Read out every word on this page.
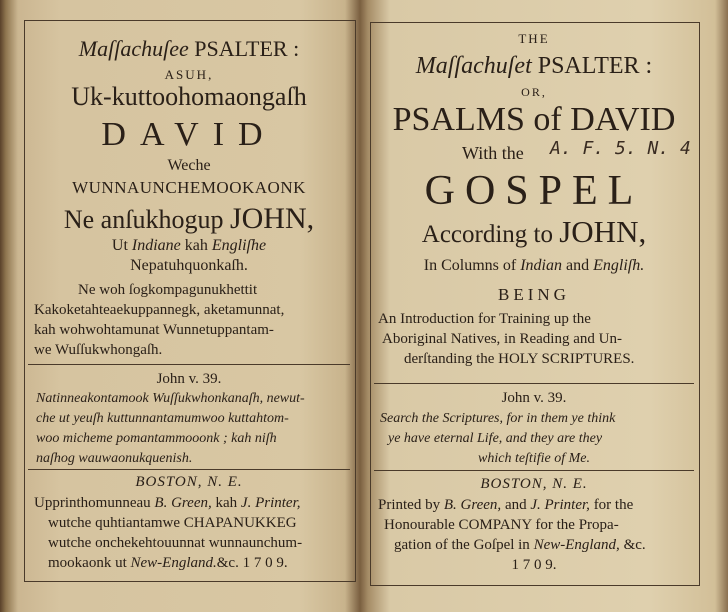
Maſſachuſee PSALTER :
ASUH,
Uk-kuttoohomaongaſh
DAVID
Weche
WUNNAUNCHEMOOKAONK
Ne anſukhogup JOHN,
Ut Indiane kah Engliſhe
Nepatuhquonkaſh.
Ne woh ſogkompagunukhettit
Kakoketahteaekuppannegk, aketamunnat,
kah wohwohtamunat Wunnetuppantam-
we Wuſſukwhongaſh.
John v. 39.
Natinneakontamook Wuſſukwhonkanaſh, newut-
che ut yeuſh kuttunnantamumwoo kuttahtom-
woo micheme pomantammooonk ; kah niſh
naſhog wauwaonukquenish.
BOSTON, N. E.
Upprinthomunneau B. Green, kah J. Printer,
wutche quhtiantamwe CHAPANUKKEG
wutche onchekehtouunnat wunnaunchum-
mookaonk ut New-England.&c. 1 7 0 9.
THE
Maſſachuſet PSALTER :
OR,
PSALMS of DAVID
With the A. F. 5. N. 4
GOSPEL
According to JOHN,
In Columns of Indian and Engliſh.
BEING
An Introduction for Training up the
Aboriginal Natives, in Reading and Un-
derſtanding the HOLY SCRIPTURES.
John v. 39.
Search the Scriptures, for in them ye think
ye have eternal Life, and they are they
which teſtifie of Me.
BOSTON, N. E.
Printed by B. Green, and J. Printer, for the
Honourable COMPANY for the Propa-
gation of the Goſpel in New-England, &c.
1 7 0 9.
